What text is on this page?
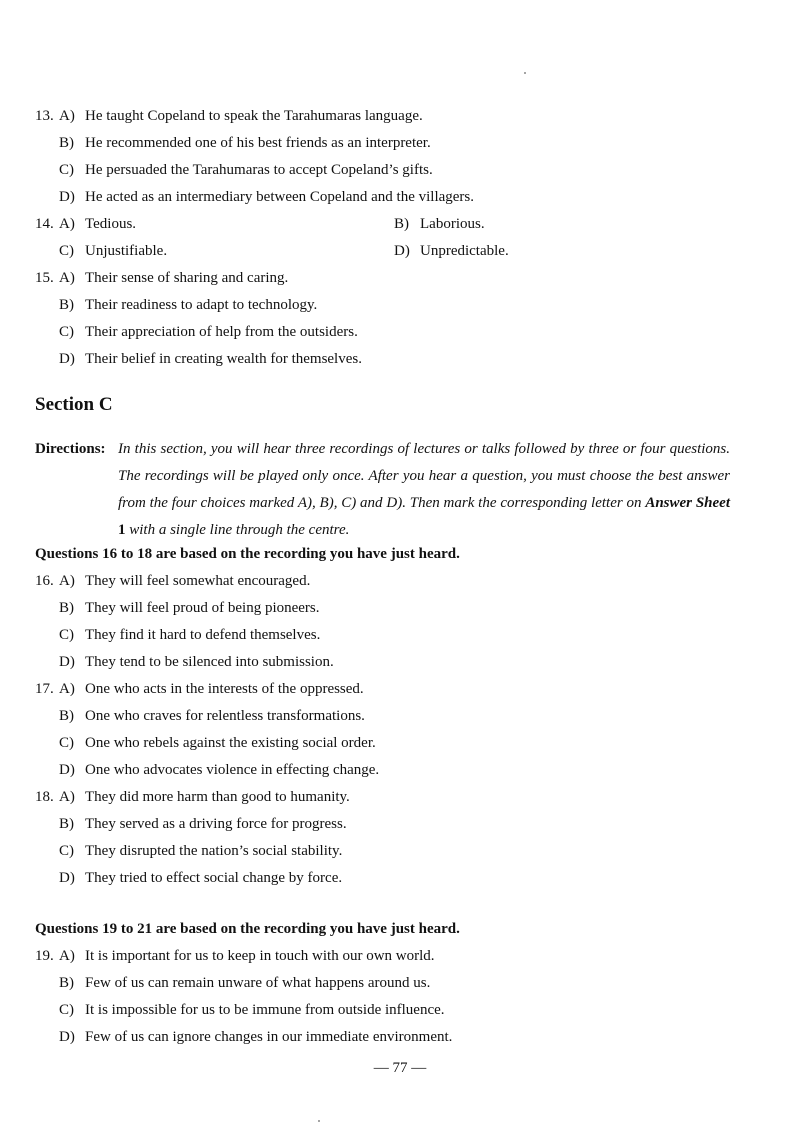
13. A) He taught Copeland to speak the Tarahumaras language.
B) He recommended one of his best friends as an interpreter.
C) He persuaded the Tarahumaras to accept Copeland’s gifts.
D) He acted as an intermediary between Copeland and the villagers.
14. A) Tedious.	B) Laborious.
C) Unjustifiable.	D) Unpredictable.
15. A) Their sense of sharing and caring.
B) Their readiness to adapt to technology.
C) Their appreciation of help from the outsiders.
D) Their belief in creating wealth for themselves.
Section C
Directions: In this section, you will hear three recordings of lectures or talks followed by three or four questions. The recordings will be played only once. After you hear a question, you must choose the best answer from the four choices marked A), B), C) and D). Then mark the corresponding letter on Answer Sheet 1 with a single line through the centre.
Questions 16 to 18 are based on the recording you have just heard.
16. A) They will feel somewhat encouraged.
B) They will feel proud of being pioneers.
C) They find it hard to defend themselves.
D) They tend to be silenced into submission.
17. A) One who acts in the interests of the oppressed.
B) One who craves for relentless transformations.
C) One who rebels against the existing social order.
D) One who advocates violence in effecting change.
18. A) They did more harm than good to humanity.
B) They served as a driving force for progress.
C) They disrupted the nation’s social stability.
D) They tried to effect social change by force.
Questions 19 to 21 are based on the recording you have just heard.
19. A) It is important for us to keep in touch with our own world.
B) Few of us can remain unware of what happens around us.
C) It is impossible for us to be immune from outside influence.
D) Few of us can ignore changes in our immediate environment.
— 77 —
